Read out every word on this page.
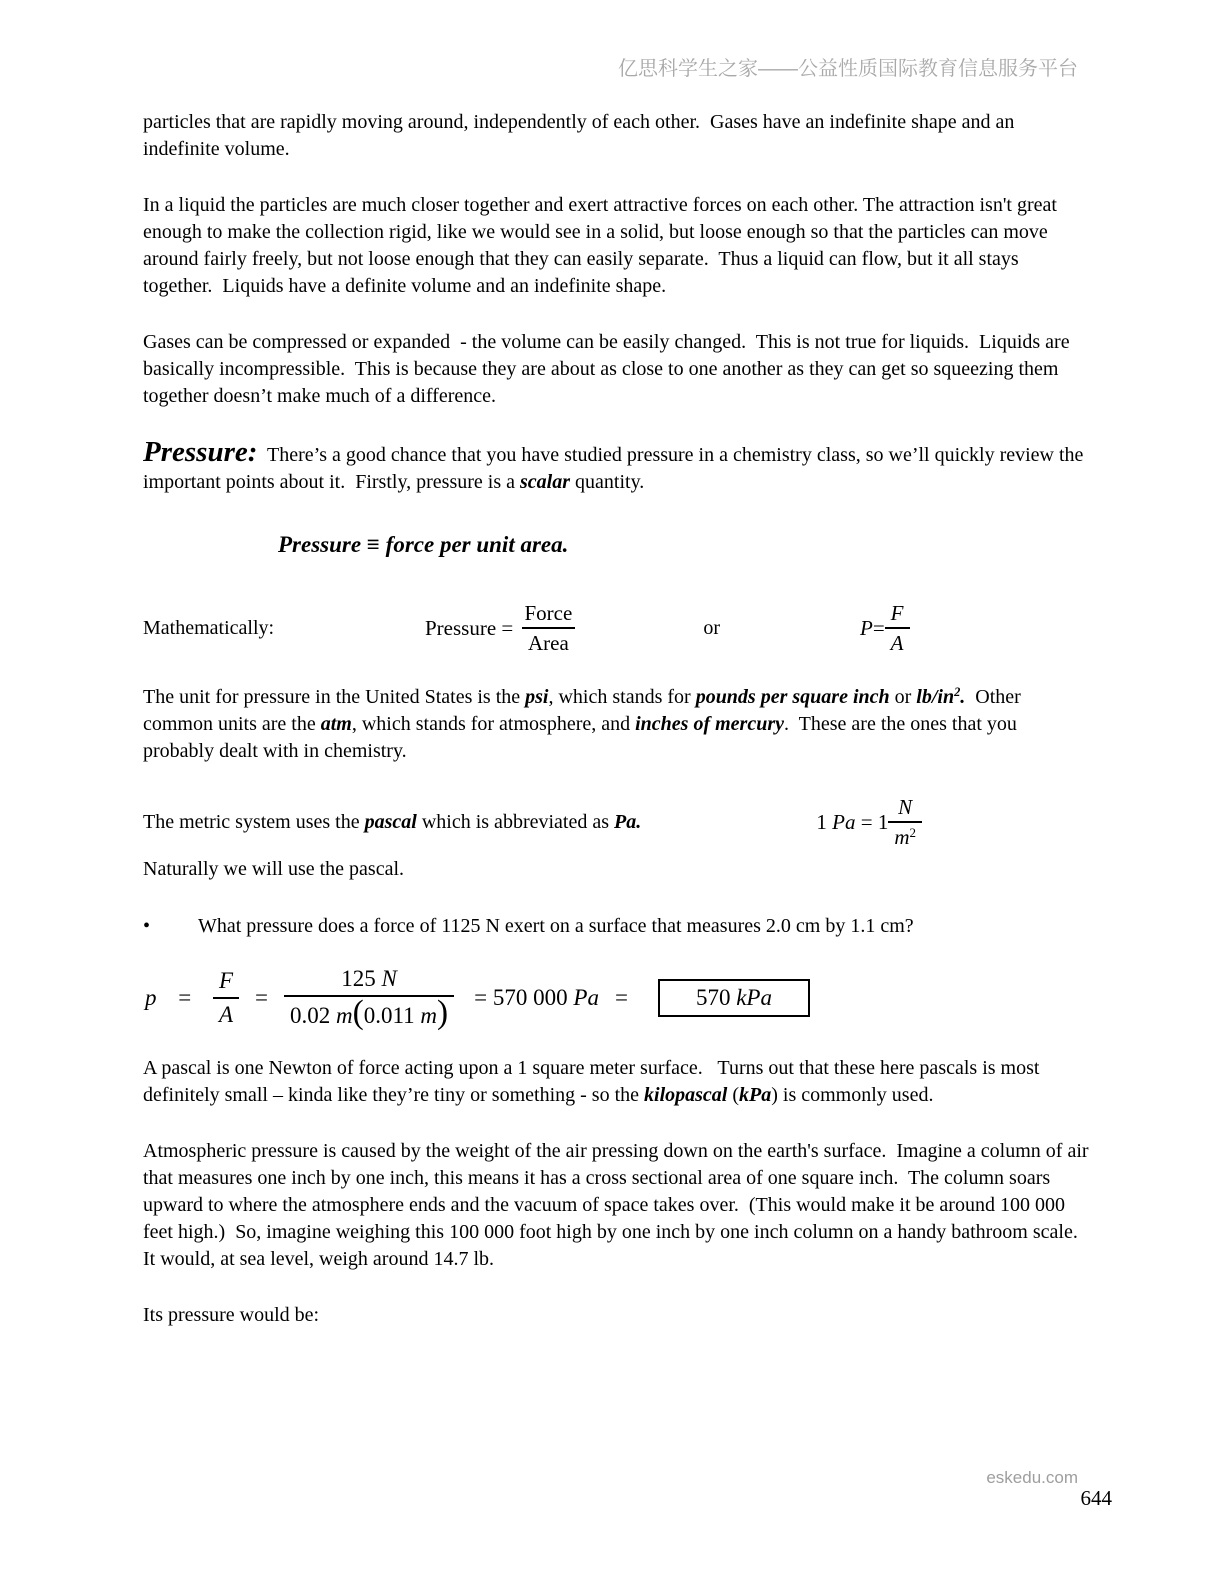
亿思科学生之家——公益性质国际教育信息服务平台

particles that are rapidly moving around, independently of each other.  Gases have an indefinite shape and an indefinite volume.

In a liquid the particles are much closer together and exert attractive forces on each other. The attraction isn't great enough to make the collection rigid, like we would see in a solid, but loose enough so that the particles can move around fairly freely, but not loose enough that they can easily separate.  Thus a liquid can flow, but it all stays together.  Liquids have a definite volume and an indefinite shape.

Gases can be compressed or expanded  - the volume can be easily changed.  This is not true for liquids.  Liquids are basically incompressible.  This is because they are about as close to one another as they can get so squeezing them together doesn’t make much of a difference.

Pressure:  There’s a good chance that you have studied pressure in a chemistry class, so we’ll quickly review the important points about it.  Firstly, pressure is a scalar quantity.

Pressure ≡ force per unit area.
Mathematically:	Pressure = $\frac{\text{Force}}{\text{Area}}$	or	$P = \frac{F}{A}$

The unit for pressure in the United States is the psi, which stands for pounds per square inch or $lb/in^2$.  Other common units are the atm, which stands for atmosphere, and inches of mercury.  These are the ones that you probably dealt with in chemistry.

The metric system uses the pascal which is abbreviated as Pa.	1 $Pa = 1 \frac{N}{m^2}$

Naturally we will use the pascal.

•	What pressure does a force of 1125 N exert on a surface that measures 2.0 cm by 1.1 cm?
$p = \frac{F}{A} = \frac{125 N}{0.02 m(0.011 m)} = 570$ 000 Pa =	570 kPa

A pascal is one Newton of force acting upon a 1 square meter surface.   Turns out that these here pascals is most definitely small – kinda like they’re tiny or something - so the kilopascal (kPa) is commonly used.

Atmospheric pressure is caused by the weight of the air pressing down on the earth's surface.  Imagine a column of air that measures one inch by one inch, this means it has a cross sectional area of one square inch.  The column soars upward to where the atmosphere ends and the vacuum of space takes over.  (This would make it be around 100 000 feet high.)  So, imagine weighing this 100 000 foot high by one inch by one inch column on a handy bathroom scale.  It would, at sea level, weigh around 14.7 lb.

Its pressure would be:

eskedu.com
644
